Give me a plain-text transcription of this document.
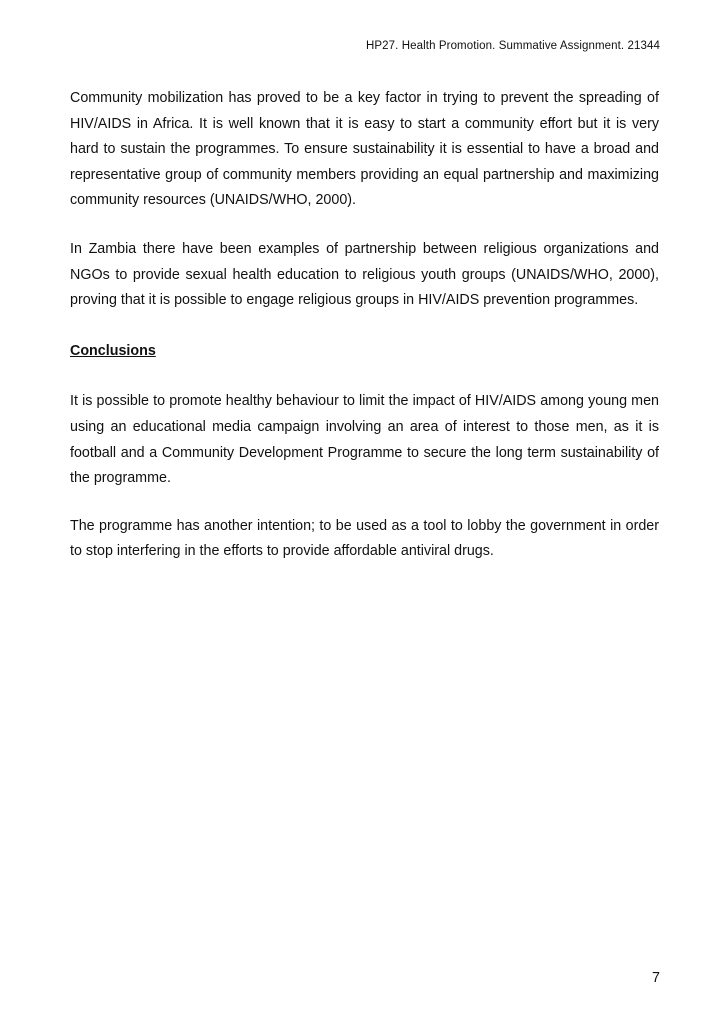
HP27. Health Promotion. Summative Assignment. 21344

Community mobilization has proved to be a key factor in trying to prevent the spreading of HIV/AIDS in Africa. It is well known that it is easy to start a community effort but it is very hard to sustain the programmes. To ensure sustainability it is essential to have a broad and representative group of community members providing an equal partnership and maximizing community resources (UNAIDS/WHO, 2000).

In Zambia there have been examples of partnership between religious organizations and NGOs to provide sexual health education to religious youth groups (UNAIDS/WHO, 2000), proving that it is possible to engage religious groups in HIV/AIDS prevention programmes.

Conclusions

It is possible to promote healthy behaviour to limit the impact of HIV/AIDS among young men using an educational media campaign involving an area of interest to those men, as it is football and a Community Development Programme to secure the long term sustainability of the programme.

The programme has another intention; to be used as a tool to lobby the government in order to stop interfering in the efforts to provide affordable antiviral drugs.

7
